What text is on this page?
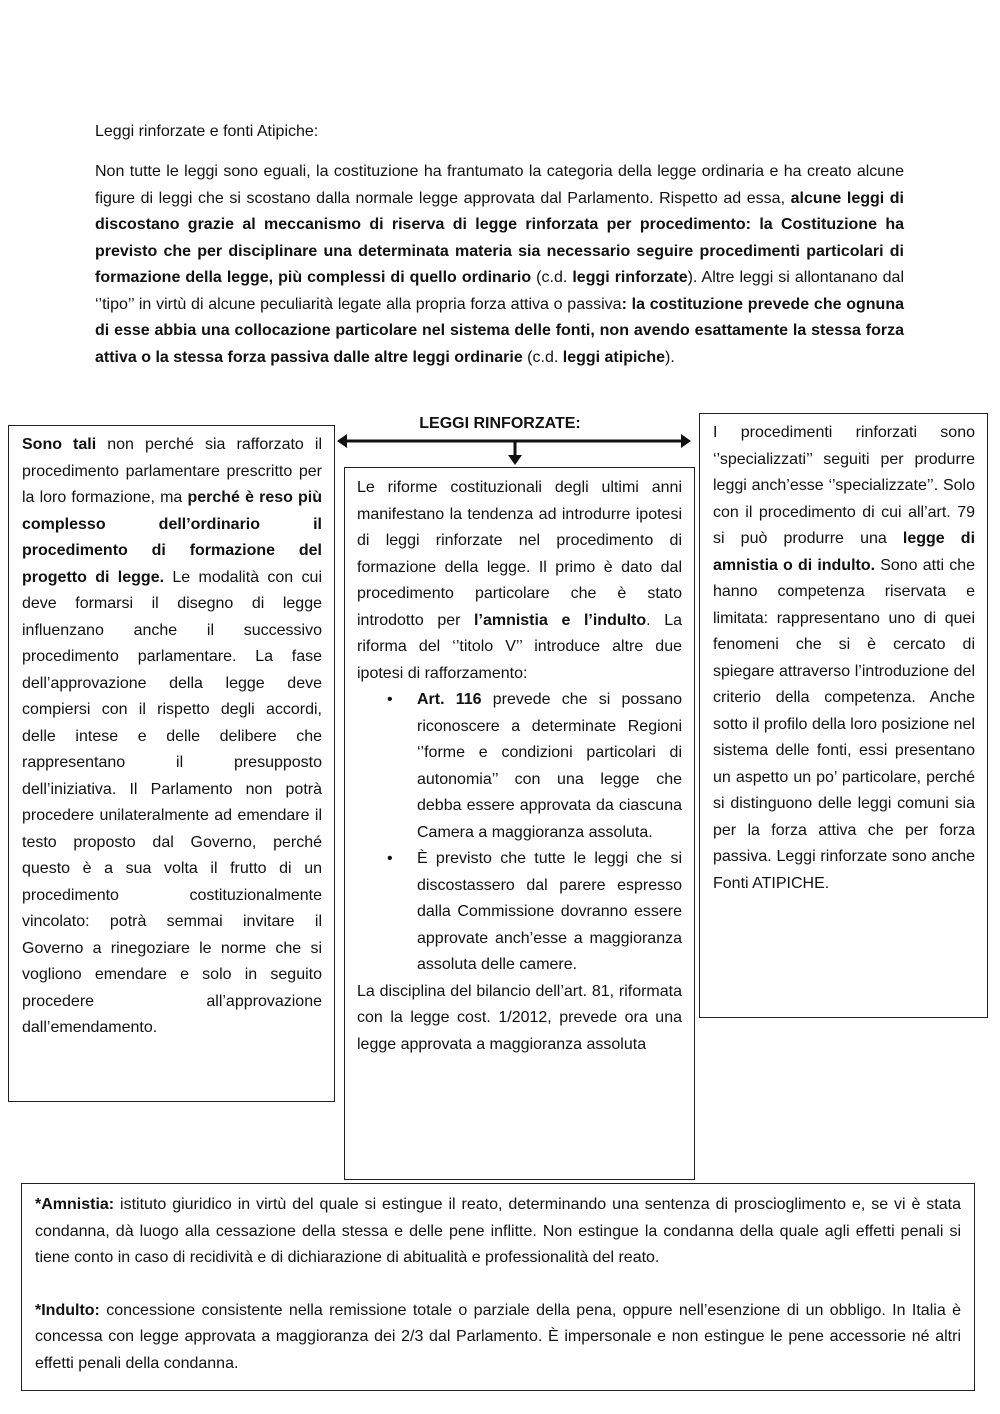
Leggi rinforzate e fonti Atipiche:

Non tutte le leggi sono eguali, la costituzione ha frantumato la categoria della legge ordinaria e ha creato alcune figure di leggi che si scostano dalla normale legge approvata dal Parlamento. Rispetto ad essa, alcune leggi di discostano grazie al meccanismo di riserva di legge rinforzata per procedimento: la Costituzione ha previsto che per disciplinare una determinata materia sia necessario seguire procedimenti particolari di formazione della legge, più complessi di quello ordinario (c.d. leggi rinforzate). Altre leggi si allontanano dal ‘’tipo’’ in virtù di alcune peculiarità legate alla propria forza attiva o passiva: la costituzione prevede che ognuna di esse abbia una collocazione particolare nel sistema delle fonti, non avendo esattamente la stessa forza attiva o la stessa forza passiva dalle altre leggi ordinarie (c.d. leggi atipiche).

LEGGI RINFORZATE:

Sono tali non perché sia rafforzato il procedimento parlamentare prescritto per la loro formazione, ma perché è reso più complesso dell’ordinario il procedimento di formazione del progetto di legge. Le modalità con cui deve formarsi il disegno di legge influenzano anche il successivo procedimento parlamentare. La fase dell’approvazione della legge deve compiersi con il rispetto degli accordi, delle intese e delle delibere che rappresentano il presupposto dell’iniziativa. Il Parlamento non potrà procedere unilateralmente ad emendare il testo proposto dal Governo, perché questo è a sua volta il frutto di un procedimento costituzionalmente vincolato: potrà semmai invitare il Governo a rinegoziare le norme che si vogliono emendare e solo in seguito procedere all’approvazione dall’emendamento.

Le riforme costituzionali degli ultimi anni manifestano la tendenza ad introdurre ipotesi di leggi rinforzate nel procedimento di formazione della legge. Il primo è dato dal procedimento particolare che è stato introdotto per l’amnistia e l’indulto. La riforma del ‘’titolo V’’ introduce altre due ipotesi di rafforzamento:

• Art. 116 prevede che si possano riconoscere a determinate Regioni ‘’forme e condizioni particolari di autonomia’’ con una legge che debba essere approvata da ciascuna Camera a maggioranza assoluta.
• È previsto che tutte le leggi che si discostassero dal parere espresso dalla Commissione dovranno essere approvate anch’esse a maggioranza assoluta delle camere.

La disciplina del bilancio dell’art. 81, riformata con la legge cost. 1/2012, prevede ora una legge approvata a maggioranza assoluta

I procedimenti rinforzati sono ‘’specializzati’’ seguiti per produrre leggi anch’esse ‘’specializzate’’. Solo con il procedimento di cui all’art. 79 si può produrre una legge di amnistia o di indulto. Sono atti che hanno competenza riservata e limitata: rappresentano uno di quei fenomeni che si è cercato di spiegare attraverso l’introduzione del criterio della competenza. Anche sotto il profilo della loro posizione nel sistema delle fonti, essi presentano un aspetto un po’ particolare, perché si distinguono delle leggi comuni sia per la forza attiva che per forza passiva. Leggi rinforzate sono anche Fonti ATIPICHE.

*Amnistia: istituto giuridico in virtù del quale si estingue il reato, determinando una sentenza di proscioglimento e, se vi è stata condanna, dà luogo alla cessazione della stessa e delle pene inflitte. Non estingue la condanna della quale agli effetti penali si tiene conto in caso di recidività e di dichiarazione di abitualità e professionalità del reato.

*Indulto: concessione consistente nella remissione totale o parziale della pena, oppure nell’esenzione di un obbligo. In Italia è concessa con legge approvata a maggioranza dei 2/3 dal Parlamento. È impersonale e non estingue le pene accessorie né altri effetti penali della condanna.
